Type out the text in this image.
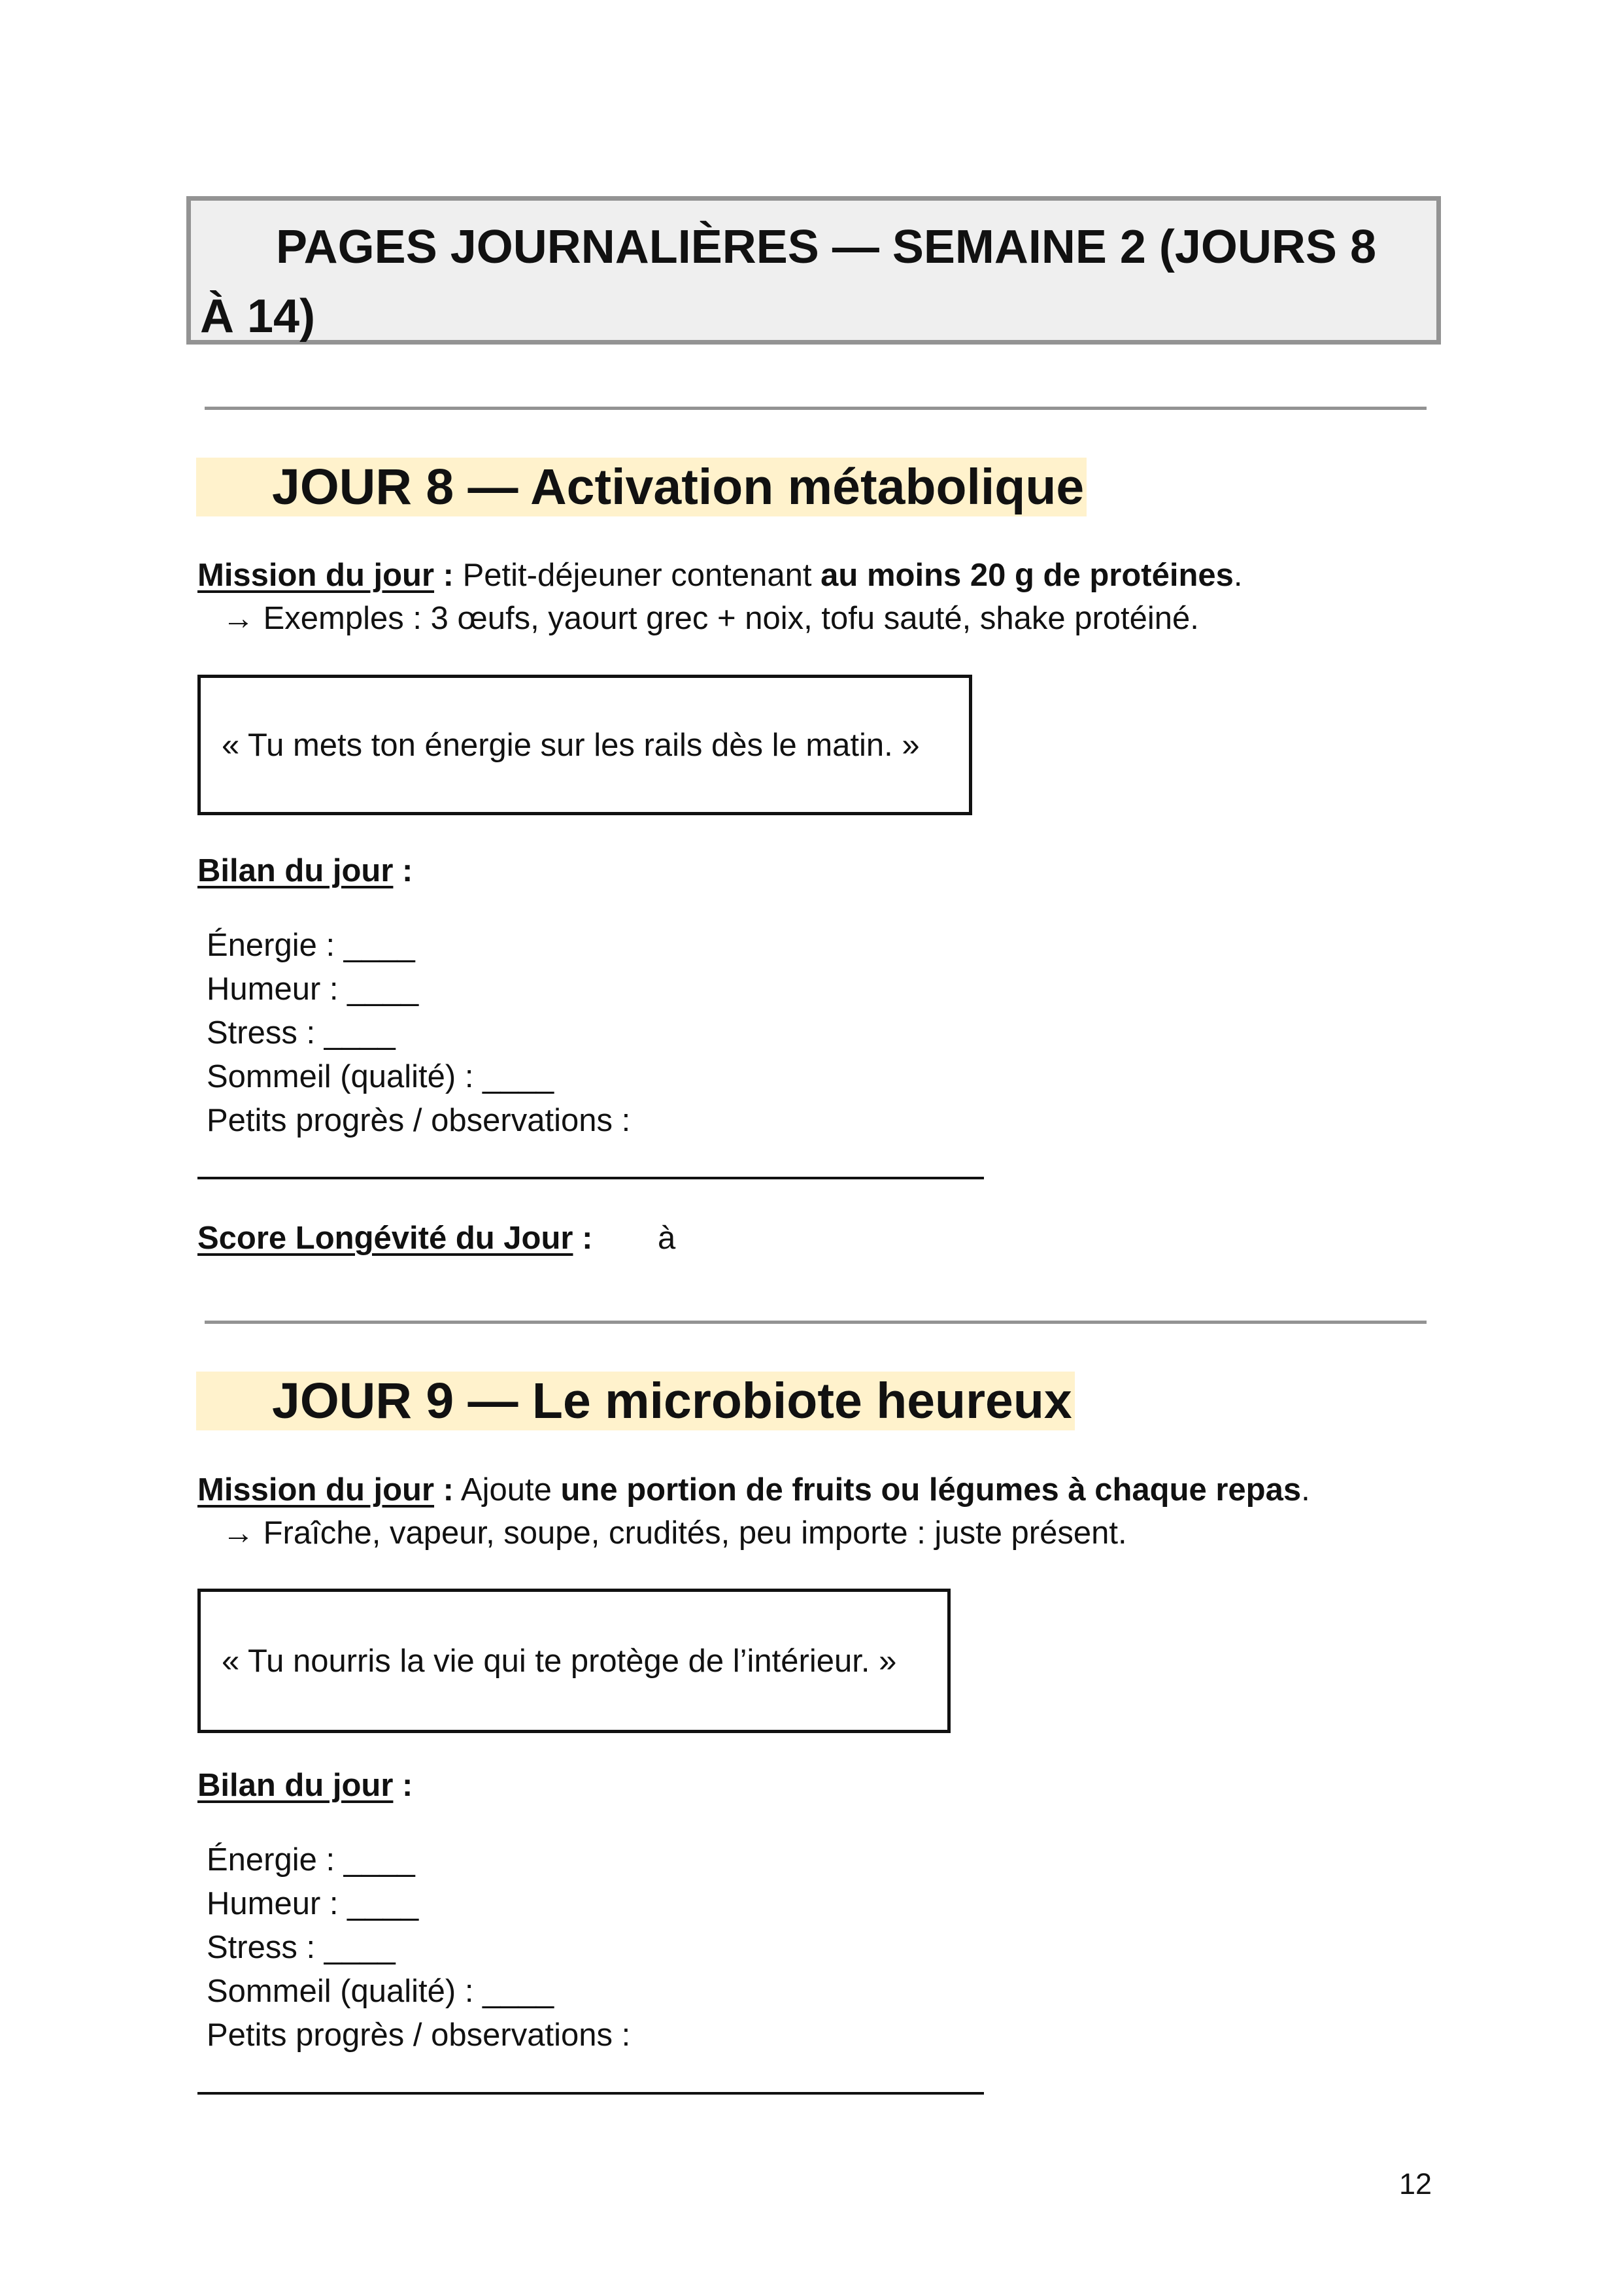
PAGES JOURNALIÈRES — SEMAINE 2 (JOURS 8 À 14)

JOUR 8 — Activation métabolique
Mission du jour : Petit-déjeuner contenant au moins 20 g de protéines.
→ Exemples : 3 œufs, yaourt grec + noix, tofu sauté, shake protéiné.
« Tu mets ton énergie sur les rails dès le matin. »
Bilan du jour :
Énergie : ____
Humeur : ____
Stress : ____
Sommeil (qualité) : ____
Petits progrès / observations :
Score Longévité du Jour : à
JOUR 9 — Le microbiote heureux
Mission du jour : Ajoute une portion de fruits ou légumes à chaque repas.
→ Fraîche, vapeur, soupe, crudités, peu importe : juste présent.
« Tu nourris la vie qui te protège de l’intérieur. »
Bilan du jour :
Énergie : ____
Humeur : ____
Stress : ____
Sommeil (qualité) : ____
Petits progrès / observations :
12
